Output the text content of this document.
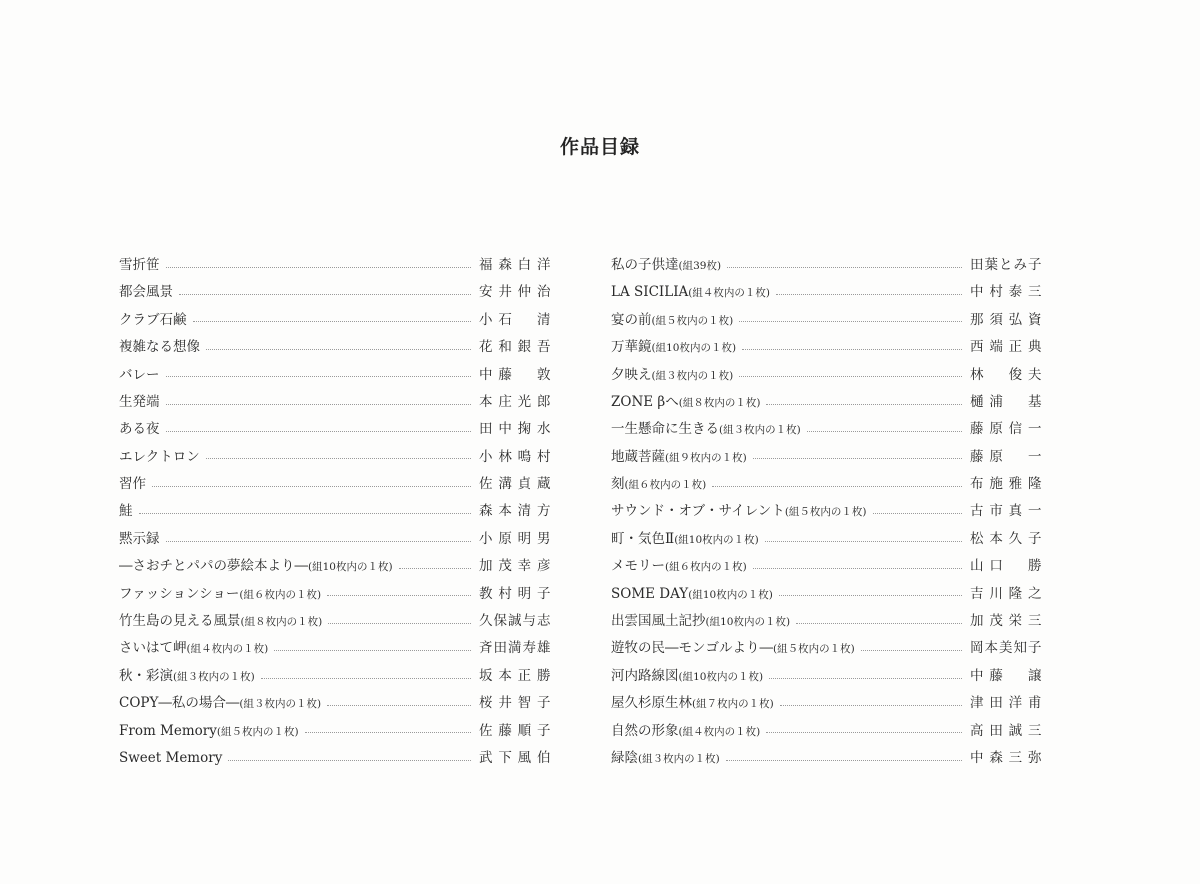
作品目録
雪折笹	福森白洋
都会風景	安井仲治
クラブ石鹸	小石　清
複雑なる想像	花和銀吾
バレー	中藤　敦
生発端	本庄光郎
ある夜	田中掬水
エレクトロン	小林鳴村
習作	佐溝貞蔵
鮭	森本清方
黙示録	小原明男
―さおチとパパの夢絵本より―(組10枚内の１枚)	加茂幸彦
ファッションショー(組６枚内の１枚)	教村明子
竹生島の見える風景(組８枚内の１枚)	久保誠与志
さいはて岬(組４枚内の１枚)	斉田満寿雄
秋・彩演(組３枚内の１枚)	坂本正勝
COPY―私の場合―(組３枚内の１枚)	桜井智子
From Memory(組５枚内の１枚)	佐藤順子
Sweet Memory	武下風伯
私の子供達(組39枚)	田葉とみ子
LA SICILIA(組４枚内の１枚)	中村泰三
宴の前(組５枚内の１枚)	那須弘資
万華鏡(組10枚内の１枚)	西端正典
夕映え(組３枚内の１枚)	林　俊夫
ZONE βへ(組８枚内の１枚)	樋浦　基
一生懸命に生きる(組３枚内の１枚)	藤原信一
地蔵菩薩(組９枚内の１枚)	藤原　一
刻(組６枚内の１枚)	布施雅隆
サウンド・オブ・サイレント(組５枚内の１枚)	古市真一
町・気色Ⅱ(組10枚内の１枚)	松本久子
メモリー(組６枚内の１枚)	山口　勝
SOME DAY(組10枚内の１枚)	吉川隆之
出雲国風土記抄(組10枚内の１枚)	加茂栄三
遊牧の民―モンゴルより―(組５枚内の１枚)	岡本美知子
河内路線図(組10枚内の１枚)	中藤　譲
屋久杉原生林(組７枚内の１枚)	津田洋甫
自然の形象(組４枚内の１枚)	高田誠三
緑陰(組３枚内の１枚)	中森三弥
